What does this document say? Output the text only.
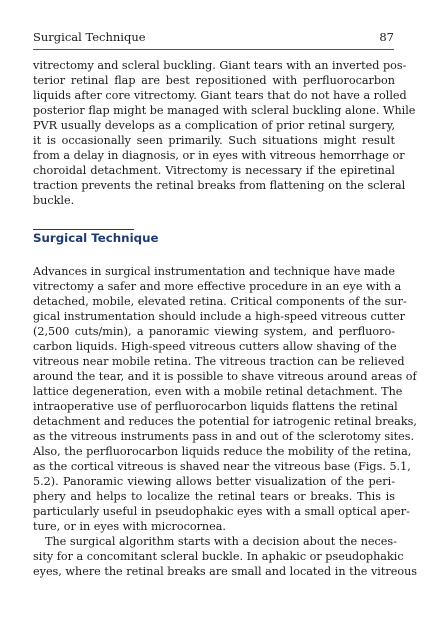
Surgical Technique	87
vitrectomy and scleral buckling. Giant tears with an inverted pos-
terior retinal flap are best repositioned with perfluorocarbon
liquids after core vitrectomy. Giant tears that do not have a rolled
posterior flap might be managed with scleral buckling alone. While
PVR usually develops as a complication of prior retinal surgery,
it is occasionally seen primarily. Such situations might result
from a delay in diagnosis, or in eyes with vitreous hemorrhage or
choroidal detachment. Vitrectomy is necessary if the epiretinal
traction prevents the retinal breaks from flattening on the scleral
buckle.
Surgical Technique
Advances in surgical instrumentation and technique have made
vitrectomy a safer and more effective procedure in an eye with a
detached, mobile, elevated retina. Critical components of the sur-
gical instrumentation should include a high-speed vitreous cutter
(2,500 cuts/min), a panoramic viewing system, and perfluoro-
carbon liquids. High-speed vitreous cutters allow shaving of the
vitreous near mobile retina. The vitreous traction can be relieved
around the tear, and it is possible to shave vitreous around areas of
lattice degeneration, even with a mobile retinal detachment. The
intraoperative use of perfluorocarbon liquids flattens the retinal
detachment and reduces the potential for iatrogenic retinal breaks,
as the vitreous instruments pass in and out of the sclerotomy sites.
Also, the perfluorocarbon liquids reduce the mobility of the retina,
as the cortical vitreous is shaved near the vitreous base (Figs. 5.1,
5.2). Panoramic viewing allows better visualization of the peri-
phery and helps to localize the retinal tears or breaks. This is
particularly useful in pseudophakic eyes with a small optical aper-
ture, or in eyes with microcornea.
The surgical algorithm starts with a decision about the neces-
sity for a concomitant scleral buckle. In aphakic or pseudophakic
eyes, where the retinal breaks are small and located in the vitreous
